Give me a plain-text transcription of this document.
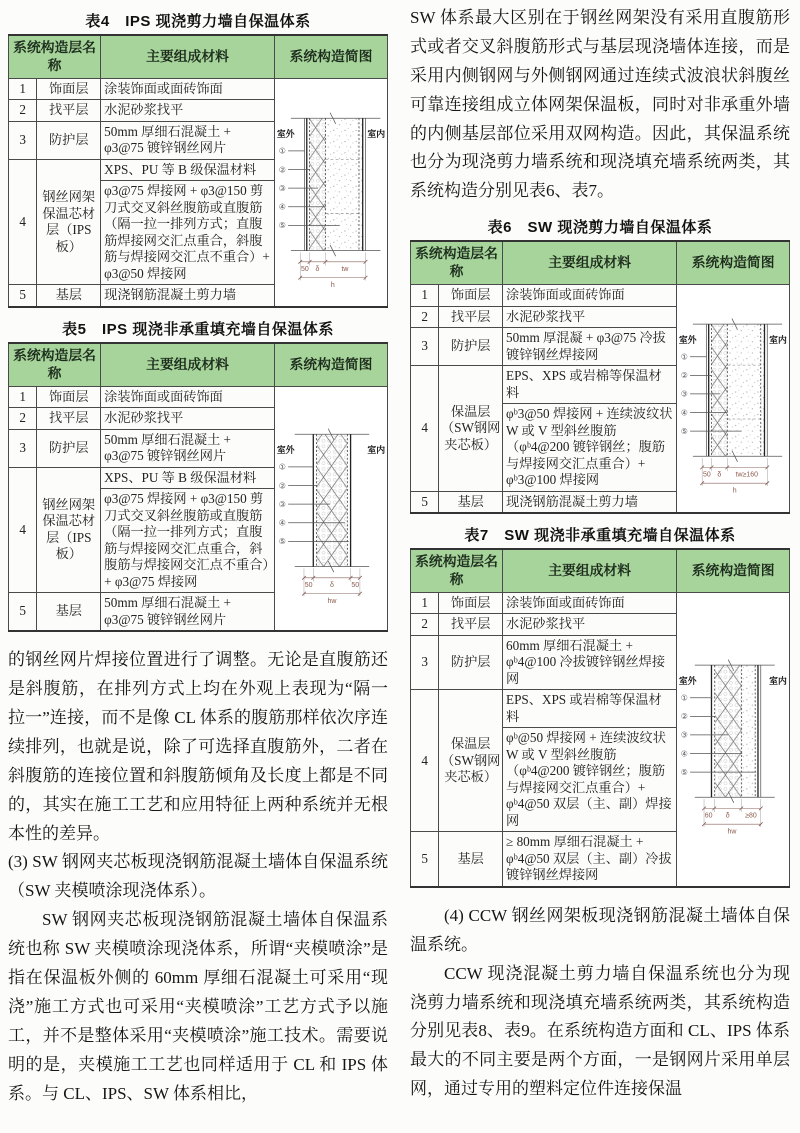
表4　IPS 现浇剪力墙自保温体系
系统构造层名称		主要组成材料	系统构造简图
1	饰面层	涂装饰面或面砖饰面	
室外	室内
①
②
③
④
⑤
50 δ	tw
h

2	找平层	水泥砂浆找平	
3	防护层	50mm 厚细石混凝土 + φ3@75 镀锌钢丝网片	
4	钢丝网架保温芯材层（IPS板）	XPS、PU 等 B 级保温材料	
		φ3@75 焊接网 + φ3@150 剪刀式交叉斜丝腹筋或直腹筋（隔一拉一排列方式；直腹筋焊接网交汇点重合，斜腹筋与焊接网交汇点不重合）+ φ3@50 焊接网	
5	基层	现浇钢筋混凝土剪力墙	
表5　IPS 现浇非承重填充墙自保温体系
系统构造层名称		主要组成材料	系统构造简图
1	饰面层	涂装饰面或面砖饰面	
室外	室内
①
②
③
④
⑤
50 δ 50
hw

2	找平层	水泥砂浆找平	
3	防护层	50mm 厚细石混凝土 + φ3@75 镀锌钢丝网片	
4	钢丝网架保温芯材层（IPS板）	XPS、PU 等 B 级保温材料	
		φ3@75 焊接网 + φ3@150 剪刀式交叉斜丝腹筋或直腹筋（隔一拉一排列方式；直腹筋与焊接网交汇点重合，斜腹筋与焊接网交汇点不重合）+ φ3@75 焊接网	
5	基层	50mm 厚细石混凝土 + φ3@75 镀锌钢丝网片	

的钢丝网片焊接位置进行了调整。无论是直腹筋还是斜腹筋，在排列方式上均在外观上表现为“隔一拉一”连接，而不是像 CL 体系的腹筋那样依次序连续排列，也就是说，除了可选择直腹筋外，二者在斜腹筋的连接位置和斜腹筋倾角及长度上都是不同的，其实在施工工艺和应用特征上两种系统并无根本性的差异。

(3) SW 钢网夹芯板现浇钢筋混凝土墙体自保温系统（SW 夹模喷涂现浇体系）。

SW 钢网夹芯板现浇钢筋混凝土墙体自保温系统也称 SW 夹模喷涂现浇体系，所谓“夹模喷涂”是指在保温板外侧的 60mm 厚细石混凝土可采用“现浇”施工方式也可采用“夹模喷涂”工艺方式予以施工，并不是整体采用“夹模喷涂”施工技术。需要说明的是，夹模施工工艺也同样适用于 CL 和 IPS 体系。与 CL、IPS、SW 体系相比，

SW 体系最大区别在于钢丝网架没有采用直腹筋形式或者交叉斜腹筋形式与基层现浇墙体连接，而是采用内侧钢网与外侧钢网通过连续式波浪状斜腹丝可靠连接组成立体网架保温板，同时对非承重外墙的内侧基层部位采用双网构造。因此，其保温系统也分为现浇剪力墙系统和现浇填充墙系统两类，其系统构造分别见表6、表7。

表6　SW 现浇剪力墙自保温体系
系统构造层名称		主要组成材料	系统构造简图
1	饰面层	涂装饰面或面砖饰面	
室外	室内
①
②
③
④
⑤
50 δ tw≥160
h

2	找平层	水泥砂浆找平	
3	防护层	50mm 厚混凝 + φ3@75 冷拔镀锌钢丝焊接网	
4	保温层（SW钢网夹芯板）	EPS、XPS 或岩棉等保温材料	
		φᵇ3@50 焊接网 + 连续波纹状 W 或 V 型斜丝腹筋（φᵇ4@200 镀锌钢丝；腹筋与焊接网交汇点重合）+ φᵇ3@100 焊接网	
5	基层	现浇钢筋混凝土剪力墙	
表7　SW 现浇非承重填充墙自保温体系
系统构造层名称		主要组成材料	系统构造简图
1	饰面层	涂装饰面或面砖饰面	
室外	室内
①
②
③
④
⑤
60 δ ≥80
hw

2	找平层	水泥砂浆找平	
3	防护层	60mm 厚细石混凝土 + φᵇ4@100 冷拔镀锌钢丝焊接网	
4	保温层（SW钢网夹芯板）	EPS、XPS 或岩棉等保温材料	
		φᵇ@50 焊接网 + 连续波纹状 W 或 V 型斜丝腹筋（φᵇ4@200 镀锌钢丝；腹筋与焊接网交汇点重合）+ φᵇ4@50 双层（主、副）焊接网	
5	基层	≥ 80mm 厚细石混凝土 + φᵇ4@50 双层（主、副）冷拔镀锌钢丝焊接网	

(4) CCW 钢丝网架板现浇钢筋混凝土墙体自保温系统。

CCW 现浇混凝土剪力墙自保温系统也分为现浇剪力墙系统和现浇填充墙系统两类，其系统构造分别见表8、表9。在系统构造方面和 CL、IPS 体系最大的不同主要是两个方面，一是钢网片采用单层网，通过专用的塑料定位件连接保温
